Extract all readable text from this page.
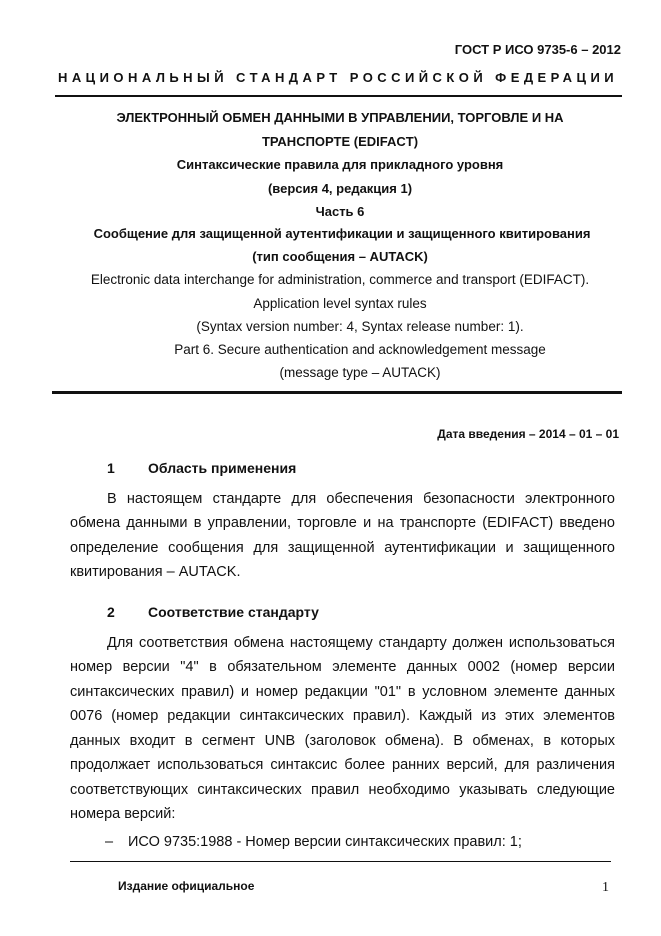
ГОСТ Р ИСО 9735-6 – 2012
НАЦИОНАЛЬНЫЙ СТАНДАРТ РОССИЙСКОЙ ФЕДЕРАЦИИ
ЭЛЕКТРОННЫЙ ОБМЕН ДАННЫМИ В УПРАВЛЕНИИ, ТОРГОВЛЕ И НА
ТРАНСПОРТЕ (EDIFACT)
Синтаксические правила для прикладного уровня
(версия 4, редакция 1)
Часть 6
Сообщение для защищенной аутентификации и защищенного квитирования
(тип сообщения – AUTACK)
Electronic data interchange for administration, commerce and transport (EDIFACT).
Application level syntax rules
(Syntax version number: 4, Syntax release number: 1).
Part 6. Secure authentication and acknowledgement message
(message type – AUTACK)
Дата введения – 2014 – 01 – 01
1 Область применения
В настоящем стандарте для обеспечения безопасности электронного
обмена данными в управлении, торговле и на транспорте (EDIFACT) введено
определение сообщения для защищенной аутентификации и защищенного
квитирования – AUTACK.
2 Соответствие стандарту
Для соответствия обмена настоящему стандарту должен использоваться
номер версии "4" в обязательном элементе данных 0002 (номер версии
синтаксических правил) и номер редакции "01" в условном элементе данных
0076 (номер редакции синтаксических правил). Каждый из этих элементов
данных входит в сегмент UNB (заголовок обмена). В обменах, в которых
продолжает использоваться синтаксис более ранних версий, для различения
соответствующих синтаксических правил необходимо указывать следующие
номера версий:
– ИСО 9735:1988 - Номер версии синтаксических правил: 1;
Издание официальное	1
